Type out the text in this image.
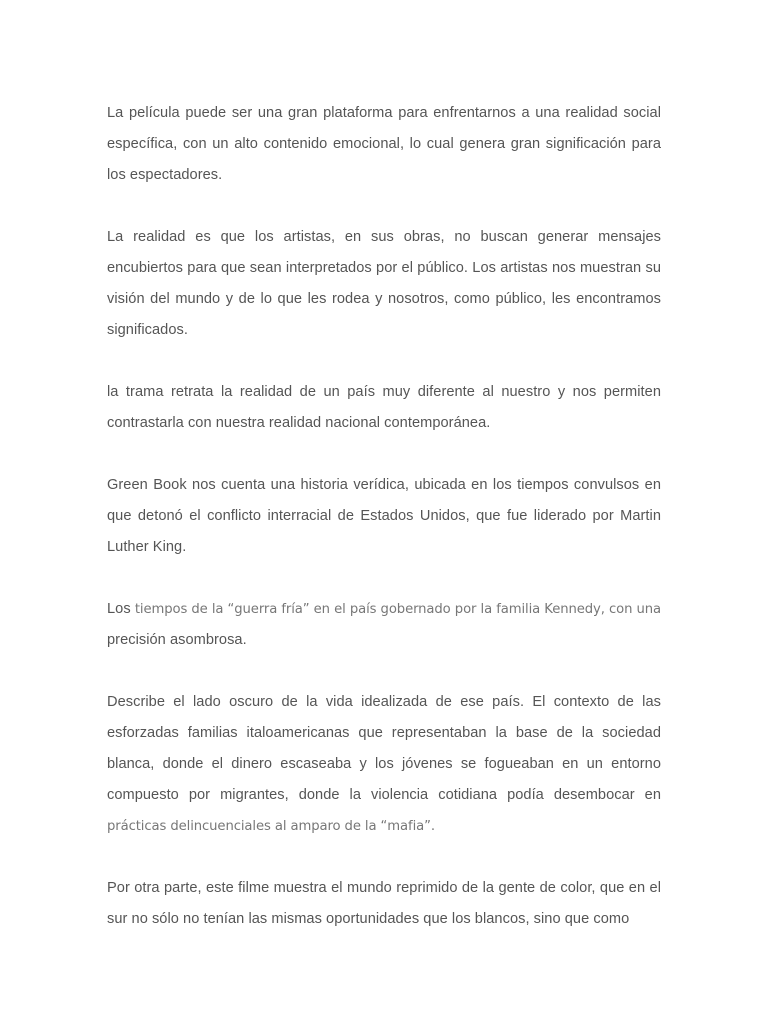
La película puede ser una gran plataforma para enfrentarnos a una realidad social específica, con un alto contenido emocional, lo cual genera gran significación para los espectadores.

La realidad es que los artistas, en sus obras, no buscan generar mensajes encubiertos para que sean interpretados por el público. Los artistas nos muestran su visión del mundo y de lo que les rodea y nosotros, como público, les encontramos significados.

la trama retrata la realidad de un país muy diferente al nuestro y nos permiten contrastarla con nuestra realidad nacional contemporánea.

Green Book nos cuenta una historia verídica, ubicada en los tiempos convulsos en que detonó el conflicto interracial de Estados Unidos, que fue liderado por Martin Luther King.

Los tiempos de la “guerra fría” en el país gobernado por la familia Kennedy, con una precisión asombrosa.

Describe el lado oscuro de la vida idealizada de ese país. El contexto de las esforzadas familias italoamericanas que representaban la base de la sociedad blanca, donde el dinero escaseaba y los jóvenes se fogueaban en un entorno compuesto por migrantes, donde la violencia cotidiana podía desembocar en prácticas delincuenciales al amparo de la “mafia”.

Por otra parte, este filme muestra el mundo reprimido de la gente de color, que en el sur no sólo no tenían las mismas oportunidades que los blancos, sino que como
